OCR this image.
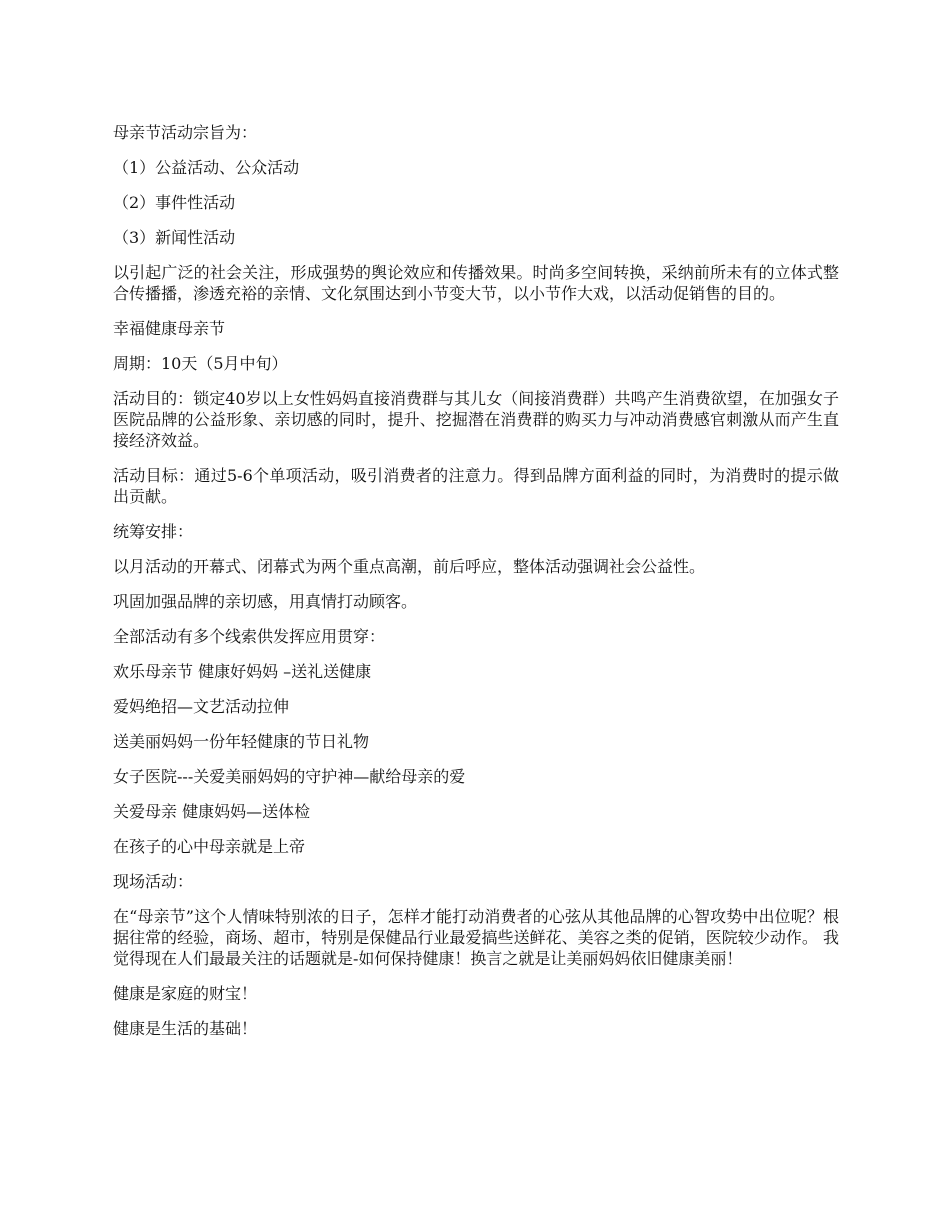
母亲节活动宗旨为：

（1）公益活动、公众活动

（2）事件性活动

（3）新闻性活动

以引起广泛的社会关注，形成强势的舆论效应和传播效果。时尚多空间转换，采纳前所未有的立体式整合传播播，渗透充裕的亲情、文化氛围达到小节变大节，以小节作大戏，以活动促销售的目的。

幸福健康母亲节

周期：10天（5月中旬）

活动目的：锁定40岁以上女性妈妈直接消费群与其儿女（间接消费群）共鸣产生消费欲望，在加强女子医院品牌的公益形象、亲切感的同时，提升、挖掘潜在消费群的购买力与冲动消费感官刺激从而产生直接经济效益。

活动目标：通过5-6个单项活动，吸引消费者的注意力。得到品牌方面利益的同时，为消费时的提示做出贡献。

统筹安排：

以月活动的开幕式、闭幕式为两个重点高潮，前后呼应，整体活动强调社会公益性。

巩固加强品牌的亲切感，用真情打动顾客。

全部活动有多个线索供发挥应用贯穿：

欢乐母亲节 健康好妈妈 –送礼送健康

爱妈绝招—文艺活动拉伸

送美丽妈妈一份年轻健康的节日礼物

女子医院---关爱美丽妈妈的守护神—献给母亲的爱

关爱母亲 健康妈妈—送体检

在孩子的心中母亲就是上帝

现场活动：

在“母亲节”这个人情味特别浓的日子，怎样才能打动消费者的心弦从其他品牌的心智攻势中出位呢？根据往常的经验，商场、超市，特别是保健品行业最爱搞些送鲜花、美容之类的促销，医院较少动作。 我觉得现在人们最最关注的话题就是-如何保持健康！换言之就是让美丽妈妈依旧健康美丽！

健康是家庭的财宝！

健康是生活的基础！
